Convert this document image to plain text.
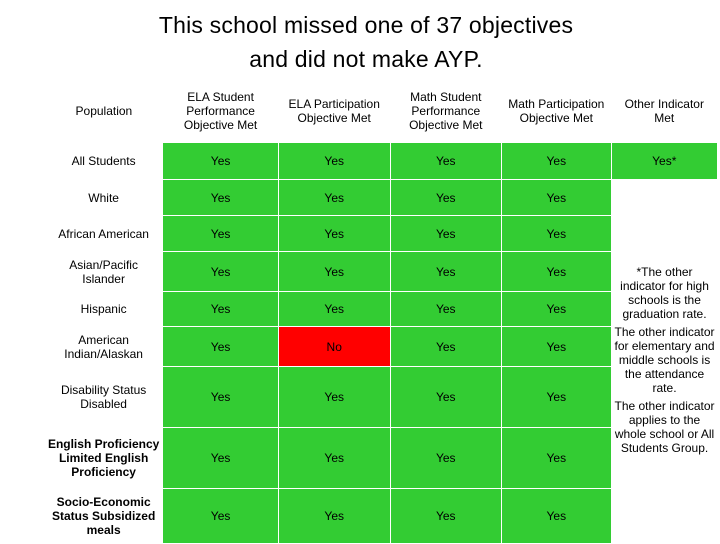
This school missed one of 37 objectives
and did not make AYP.
Population	ELA Student Performance Objective Met	ELA Participation Objective Met	Math Student Performance Objective Met	Math Participation Objective Met	Other Indicator Met
All Students	Yes	Yes	Yes	Yes	Yes*
White	Yes	Yes	Yes	Yes	*The other indicator for high schools is the graduation rate.

The other indicator for elementary and middle schools is the attendance rate.

The other indicator applies to the whole school or All Students Group.

African American	Yes	Yes	Yes	Yes	
Asian/Pacific Islander	Yes	Yes	Yes	Yes	
Hispanic	Yes	Yes	Yes	Yes	
American Indian/Alaskan	Yes	No	Yes	Yes	
Disability Status Disabled	Yes	Yes	Yes	Yes	
English Proficiency Limited English Proficiency	Yes	Yes	Yes	Yes	
Socio-Economic Status Subsidized meals	Yes	Yes	Yes	Yes	
